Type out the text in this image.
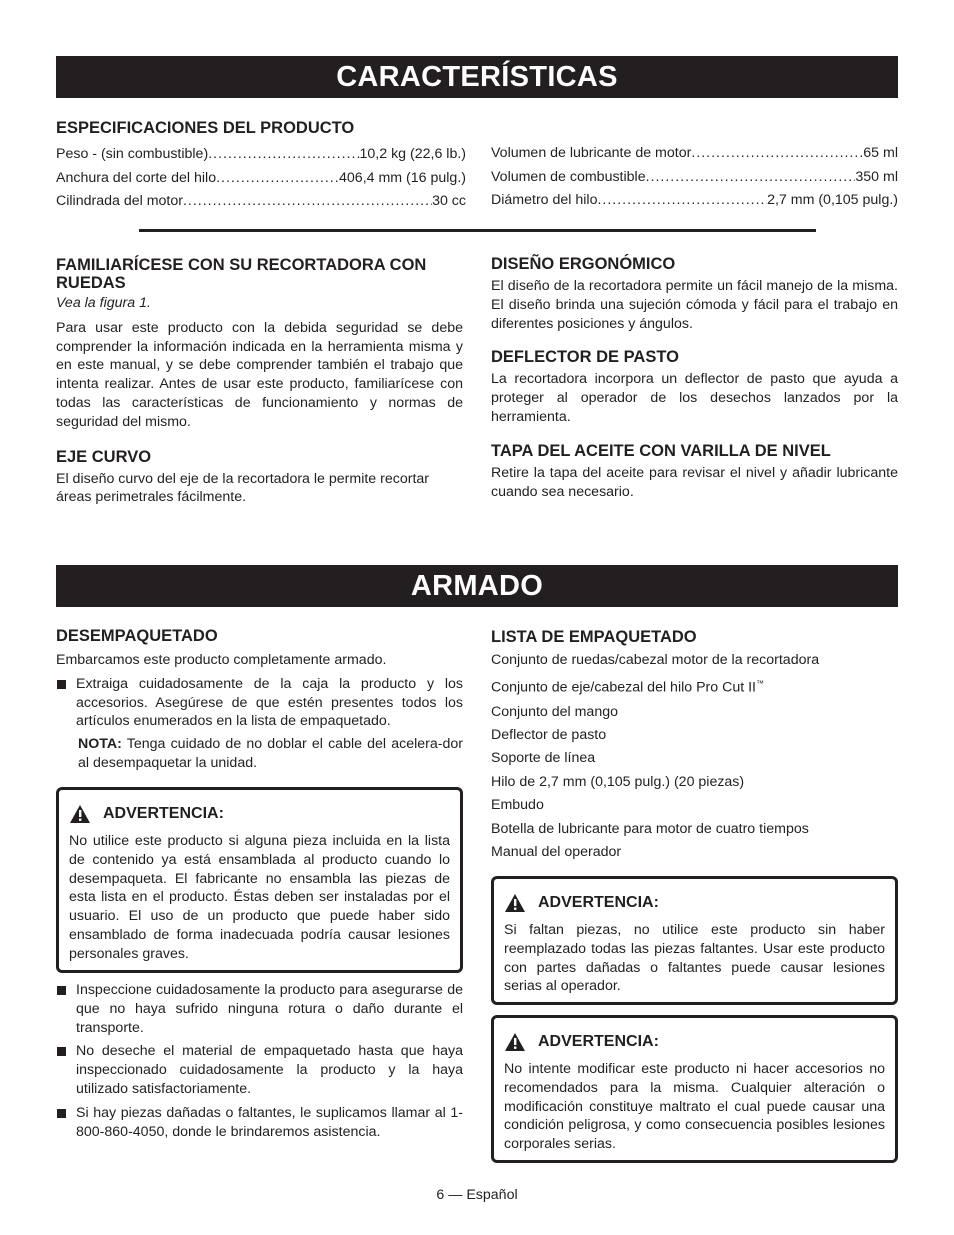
CARACTERÍSTICAS
ESPECIFICACIONES DEL PRODUCTO
Peso - (sin combustible) .....	10,2 kg (22,6 lb.)
Anchura del corte del hilo .....	406,4 mm (16 pulg.)
Cilindrada del motor .....	30 cc
Volumen de lubricante de motor .....	65 ml
Volumen de combustible .....	350 ml
Diámetro del hilo .....	2,7 mm (0,105 pulg.)
FAMILIARÍCESE CON SU RECORTADORA CON RUEDAS

Vea la figura 1.

Para usar este producto con la debida seguridad se debe comprender la información indicada en la herramienta misma y en este manual, y se debe comprender también el trabajo que intenta realizar. Antes de usar este producto, familiarícese con todas las características de funcionamiento y normas de seguridad del mismo.

EJE CURVO

El diseño curvo del eje de la recortadora le permite recortar áreas perimetrales fácilmente.

DISEÑO ERGONÓMICO

El diseño de la recortadora permite un fácil manejo de la misma. El diseño brinda una sujeción cómoda y fácil para el trabajo en diferentes posiciones y ángulos.

DEFLECTOR DE PASTO

La recortadora incorpora un deflector de pasto que ayuda a proteger al operador de los desechos lanzados por la herramienta.

TAPA DEL ACEITE CON VARILLA DE NIVEL

Retire la tapa del aceite para revisar el nivel y añadir lubricante cuando sea necesario.

ARMADO
DESEMPAQUETADO

Embarcamos este producto completamente armado.

Extraiga cuidadosamente de la caja la producto y los accesorios. Asegúrese de que estén presentes todos los artículos enumerados en la lista de empaquetado.

NOTA: Tenga cuidado de no doblar el cable del acelera-dor al desempaquetar la unidad.

ADVERTENCIA:

No utilice este producto si alguna pieza incluida en la lista de contenido ya está ensamblada al producto cuando lo desempaqueta. El fabricante no ensambla las piezas de esta lista en el producto. Éstas deben ser instaladas por el usuario. El uso de un producto que puede haber sido ensamblado de forma inadecuada podría causar lesiones personales graves.

Inspeccione cuidadosamente la producto para asegurarse de que no haya sufrido ninguna rotura o daño durante el transporte.

No deseche el material de empaquetado hasta que haya inspeccionado cuidadosamente la producto y la haya utilizado satisfactoriamente.

Si hay piezas dañadas o faltantes, le suplicamos llamar al 1-800-860-4050, donde le brindaremos asistencia.

LISTA DE EMPAQUETADO

Conjunto de ruedas/cabezal motor de la recortadora

Conjunto de eje/cabezal del hilo Pro Cut II™

Conjunto del mango

Deflector de pasto

Soporte de línea

Hilo de 2,7 mm (0,105 pulg.) (20 piezas)

Embudo

Botella de lubricante para motor de cuatro tiempos

Manual del operador

ADVERTENCIA:

Si faltan piezas, no utilice este producto sin haber reemplazado todas las piezas faltantes. Usar este producto con partes dañadas o faltantes puede causar lesiones serias al operador.

ADVERTENCIA:

No intente modificar este producto ni hacer accesorios no recomendados para la misma. Cualquier alteración o modificación constituye maltrato el cual puede causar una condición peligrosa, y como consecuencia posibles lesiones corporales serias.

6 — Español
